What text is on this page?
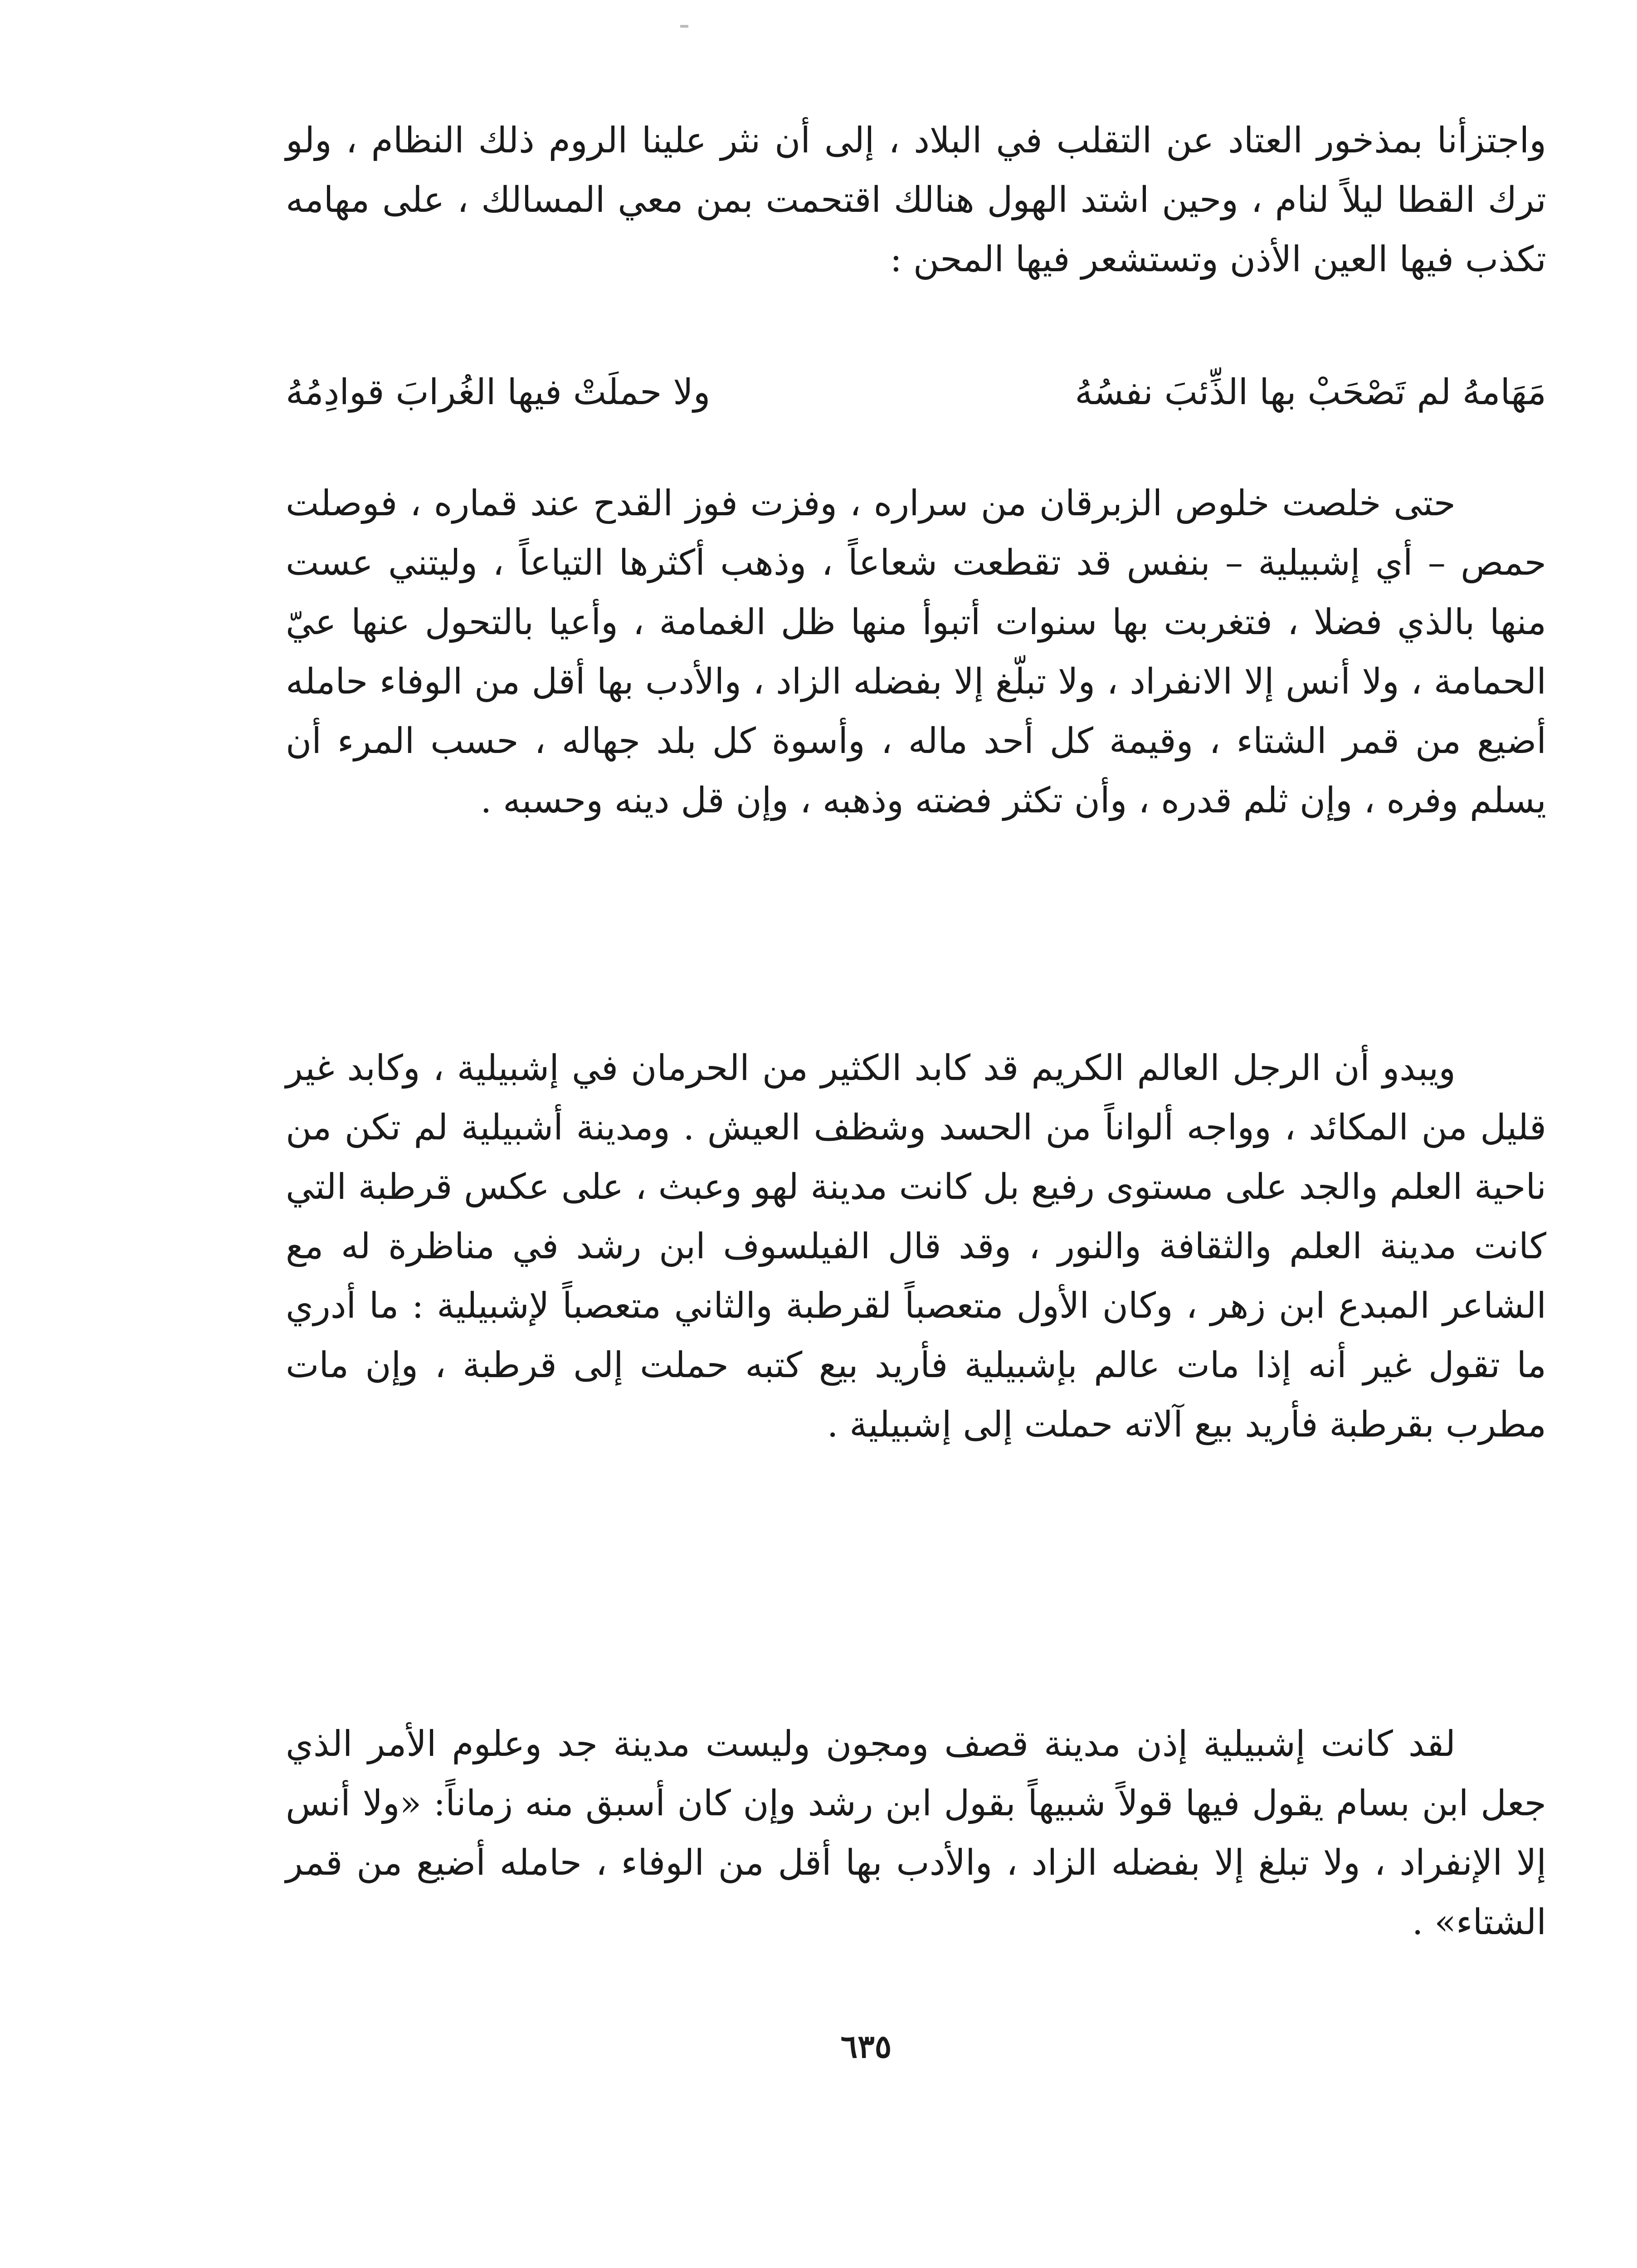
واجتزأنا بمذخور العتاد عن التقلب في البلاد ، إلى أن نثر علينا الروم ذلك النظام ، ولو ترك القطا ليلاً لنام ، وحين اشتد الهول هنالك اقتحمت بمن معي المسالك ، على مهامه تكذب فيها العين الأذن وتستشعر فيها المحن :

مَهَامهُ لم تَصْحَبْ بها الذِّئبَ نفسُهُ
ولا حملَتْ فيها الغُرابَ قوادِمُهُ

حتى خلصت خلوص الزبرقان من سراره ، وفزت فوز القدح عند قماره ، فوصلت حمص – أي إشبيلية – بنفس قد تقطعت شعاعاً ، وذهب أكثرها التياعاً ، وليتني عست منها بالذي فضلا ، فتغربت بها سنوات أتبوأ منها ظل الغمامة ، وأعيا بالتحول عنها عيّ الحمامة ، ولا أنس إلا الانفراد ، ولا تبلّغ إلا بفضله الزاد ، والأدب بها أقل من الوفاء حامله أضيع من قمر الشتاء ، وقيمة كل أحد ماله ، وأسوة كل بلد جهاله ، حسب المرء أن يسلم وفره ، وإن ثلم قدره ، وأن تكثر فضته وذهبه ، وإن قل دينه وحسبه .

ويبدو أن الرجل العالم الكريم قد كابد الكثير من الحرمان في إشبيلية ، وكابد غير قليل من المكائد ، وواجه ألواناً من الحسد وشظف العيش . ومدينة أشبيلية لم تكن من ناحية العلم والجد على مستوى رفيع بل كانت مدينة لهو وعبث ، على عكس قرطبة التي كانت مدينة العلم والثقافة والنور ، وقد قال الفيلسوف ابن رشد في مناظرة له مع الشاعر المبدع ابن زهر ، وكان الأول متعصباً لقرطبة والثاني متعصباً لإشبيلية : ما أدري ما تقول غير أنه إذا مات عالم بإشبيلية فأريد بيع كتبه حملت إلى قرطبة ، وإن مات مطرب بقرطبة فأريد بيع آلاته حملت إلى إشبيلية .

لقد كانت إشبيلية إذن مدينة قصف ومجون وليست مدينة جد وعلوم الأمر الذي جعل ابن بسام يقول فيها قولاً شبيهاً بقول ابن رشد وإن كان أسبق منه زماناً: «ولا أنس إلا الإنفراد ، ولا تبلغ إلا بفضله الزاد ، والأدب بها أقل من الوفاء ، حامله أضيع من قمر الشتاء» .

٦٣٥
